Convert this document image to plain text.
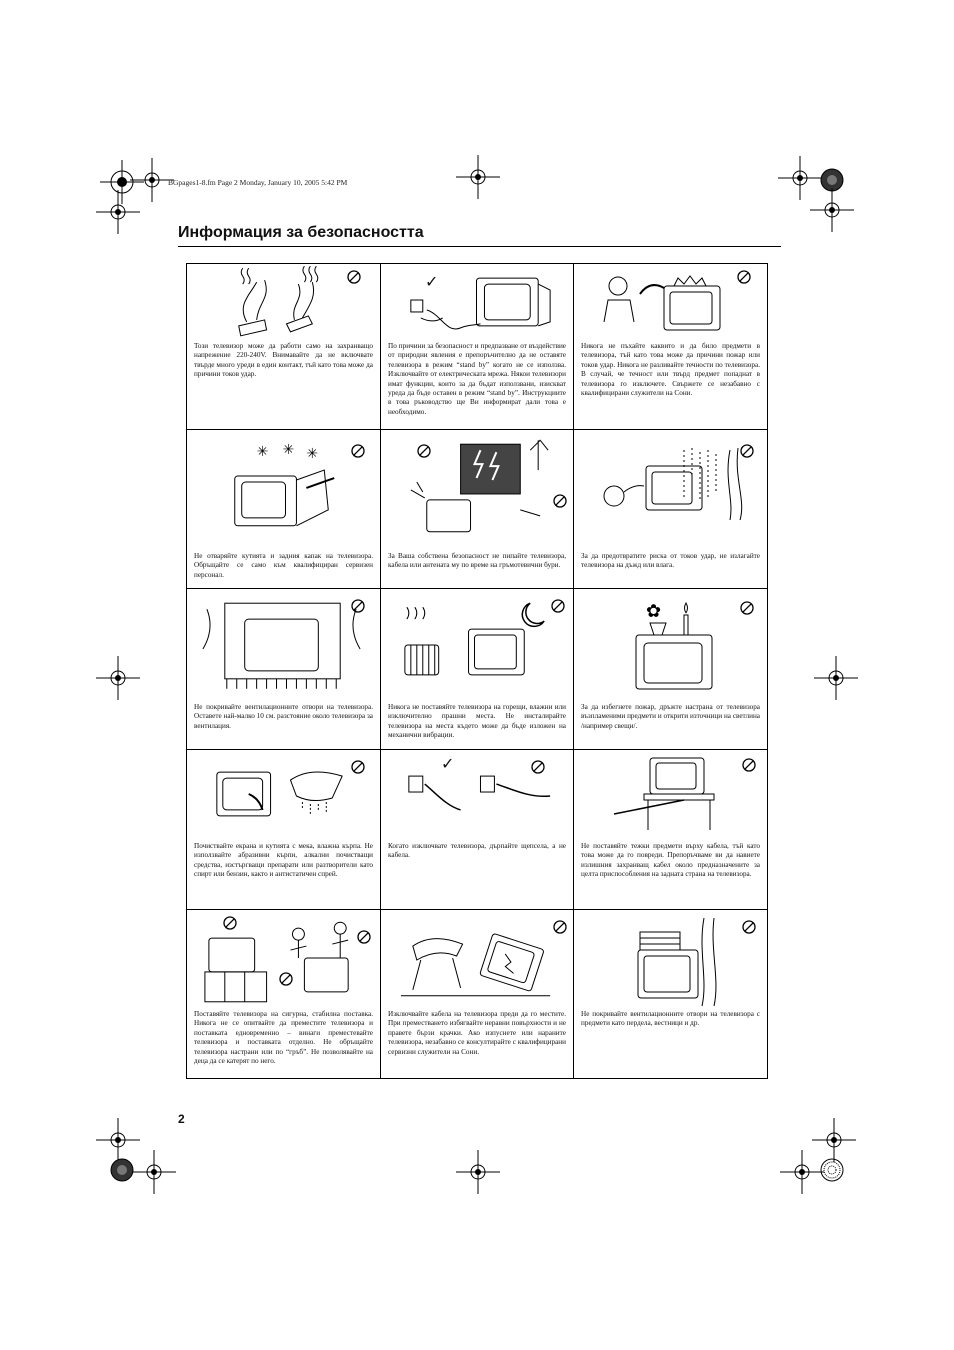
BGpages1-8.fm Page 2 Monday, January 10, 2005 5:42 PM
Информация за безопасността
Този телевизор може да работи само на захранващо напрежение 220-240V. Внимавайте да не включвате твърде много уреди в един контакт, тъй като това може да причини токов удар.
✓
По причини за безопасност и предпазване от въздействие от природни явления е препоръчително да не оставяте телевизора в режим “stand by” когато не се използва. Изключвайте от електрическата мрежа. Някои телевизори имат функции, които за да бъдат използвани, изискват уреда да бъде оставен в режим “stand by”. Инструкциите в това ръководство ще Ви информират дали това е необходимо.
Никога не пъхайте каквито и да било предмети в телевизора, тъй като това може да причини пожар или токов удар. Никога не разливайте течности по телевизора. В случай, че течност или твърд предмет попаднат в телевизора го изключете. Свържете се незабавно с квалифицирани служители на Сони.
✳ ✳ ✳
Не отваряйте кутията и задния капак на телевизора. Обръщайте се само към квалифициран сервизен персонал.
За Ваша собствена безопасност не пипайте телевизора, кабела или антената му по време на гръмотевични бури.
За да предотвратите риска от токов удар, не излагайте телевизора на дъжд или влага.
Не покривайте вентилационните отвори на телевизора. Оставете най-малко 10 см. разстояние около телевизора за вентилация.
Никога не поставяйте телевизора на горещи, влажни или изключително прашни места. Не инсталирайте телевизора на места където може да бъде изложен на механични вибрации.
✿
За да избегнете пожар, дръжте настрана от телевизора възпламеними предмети и открити източници на светлина /например свещи/.
Почиствайте екрана и кутията с мека, влажна кърпа. Не използвайте абразивни кърпи, алкални почистващи средства, изстъргващи препарати или разтворители като спирт или бензин, както и антистатичен спрей.
✓
Когато изключвате телевизора, дърпайте щепсела, а не кабела.
Не поставяйте тежки предмети върху кабела, тъй като това може да го повреди. Препоръчваме ви да навиете излишния захранващ кабел около предназначените за целта приспособления на задната страна на телевизора.
Поставяйте телевизора на сигурна, стабилна поставка. Никога не се опитвайте да преместите телевизора и поставката едновременно – винаги преместевайте телевизора и поставката отделно. Не обръщайте телевизора настрани или по “гръб”. Не позволявайте на деца да се катерят по него.
Изключвайте кабела на телевизора преди да го местите. При преместването избягвайте неравни повърхности и не правете бързи крачки. Ако изпуснете или нараните телевизора, незабавно се консултирайте с квалифицирани сервизни служители на Сони.
Не покривайте вентилационните отвори на телевизора с предмети като перделa, вестници и др.
2
